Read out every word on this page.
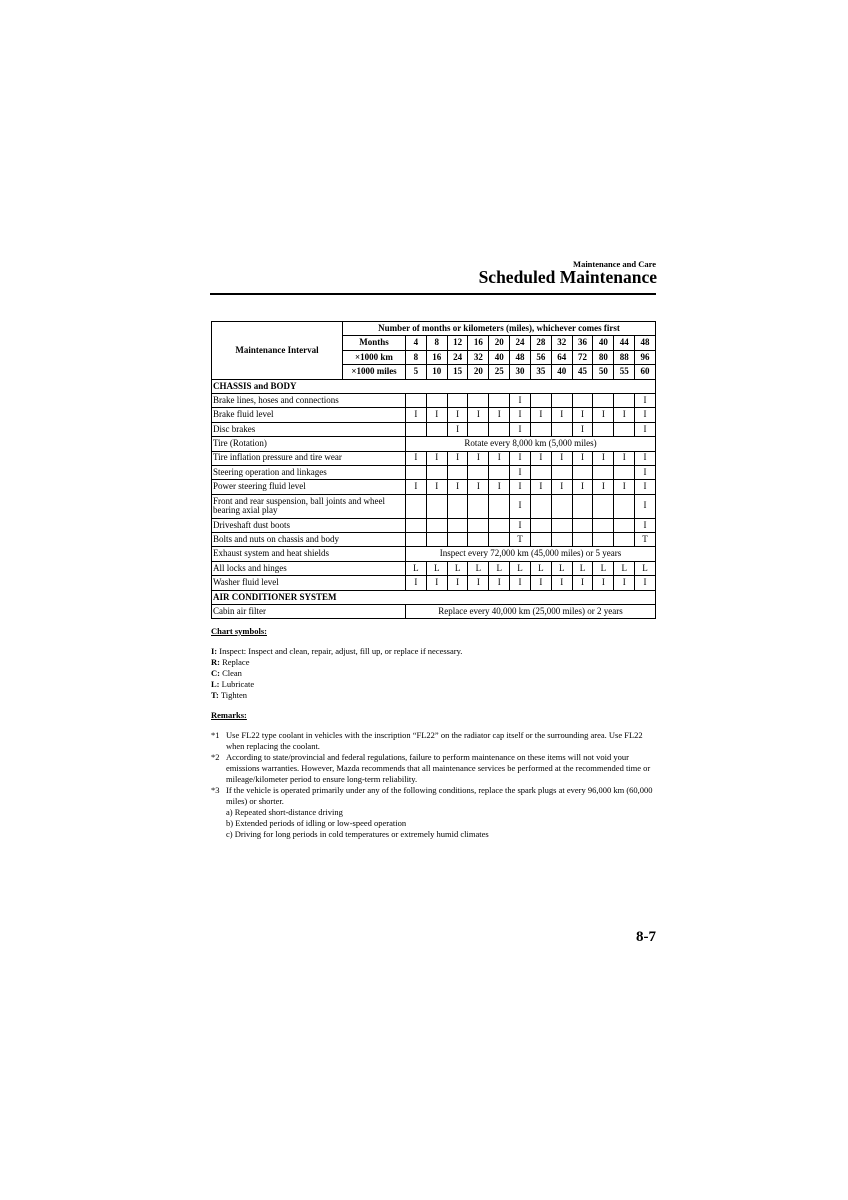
Maintenance and Care
Scheduled Maintenance
Maintenance Interval	Number of months or kilometers (miles), whichever comes first												
	Months	4	8	12	16	20	24	28	32	36	40	44	48
	×1000 km	8	16	24	32	40	48	56	64	72	80	88	96
	×1000 miles	5	10	15	20	25	30	35	40	45	50	55	60
CHASSIS and BODY													
Brake lines, hoses and connections							I						I
Brake fluid level		I	I	I	I	I	I	I	I	I	I	I	I
Disc brakes				I			I			I			I
Tire (Rotation)		Rotate every 8,000 km (5,000 miles)											
Tire inflation pressure and tire wear		I	I	I	I	I	I	I	I	I	I	I	I
Steering operation and linkages							I						I
Power steering fluid level		I	I	I	I	I	I	I	I	I	I	I	I
Front and rear suspension, ball joints and wheel bearing axial play							I						I
Driveshaft dust boots							I						I
Bolts and nuts on chassis and body							T						T
Exhaust system and heat shields		Inspect every 72,000 km (45,000 miles) or 5 years											
All locks and hinges		L	L	L	L	L	L	L	L	L	L	L	L
Washer fluid level		I	I	I	I	I	I	I	I	I	I	I	I
AIR CONDITIONER SYSTEM													
Cabin air filter		Replace every 40,000 km (25,000 miles) or 2 years											
Chart symbols:
I: Inspect: Inspect and clean, repair, adjust, fill up, or replace if necessary.
R: Replace
C: Clean
L: Lubricate
T: Tighten
Remarks:
*1 Use FL22 type coolant in vehicles with the inscription “FL22” on the radiator cap itself or the surrounding area. Use FL22 when replacing the coolant.
*2 According to state/provincial and federal regulations, failure to perform maintenance on these items will not void your emissions warranties. However, Mazda recommends that all maintenance services be performed at the recommended time or mileage/kilometer period to ensure long-term reliability.
*3 If the vehicle is operated primarily under any of the following conditions, replace the spark plugs at every 96,000 km (60,000 miles) or shorter.
a) Repeated short-distance driving
b) Extended periods of idling or low-speed operation
c) Driving for long periods in cold temperatures or extremely humid climates
8-7
